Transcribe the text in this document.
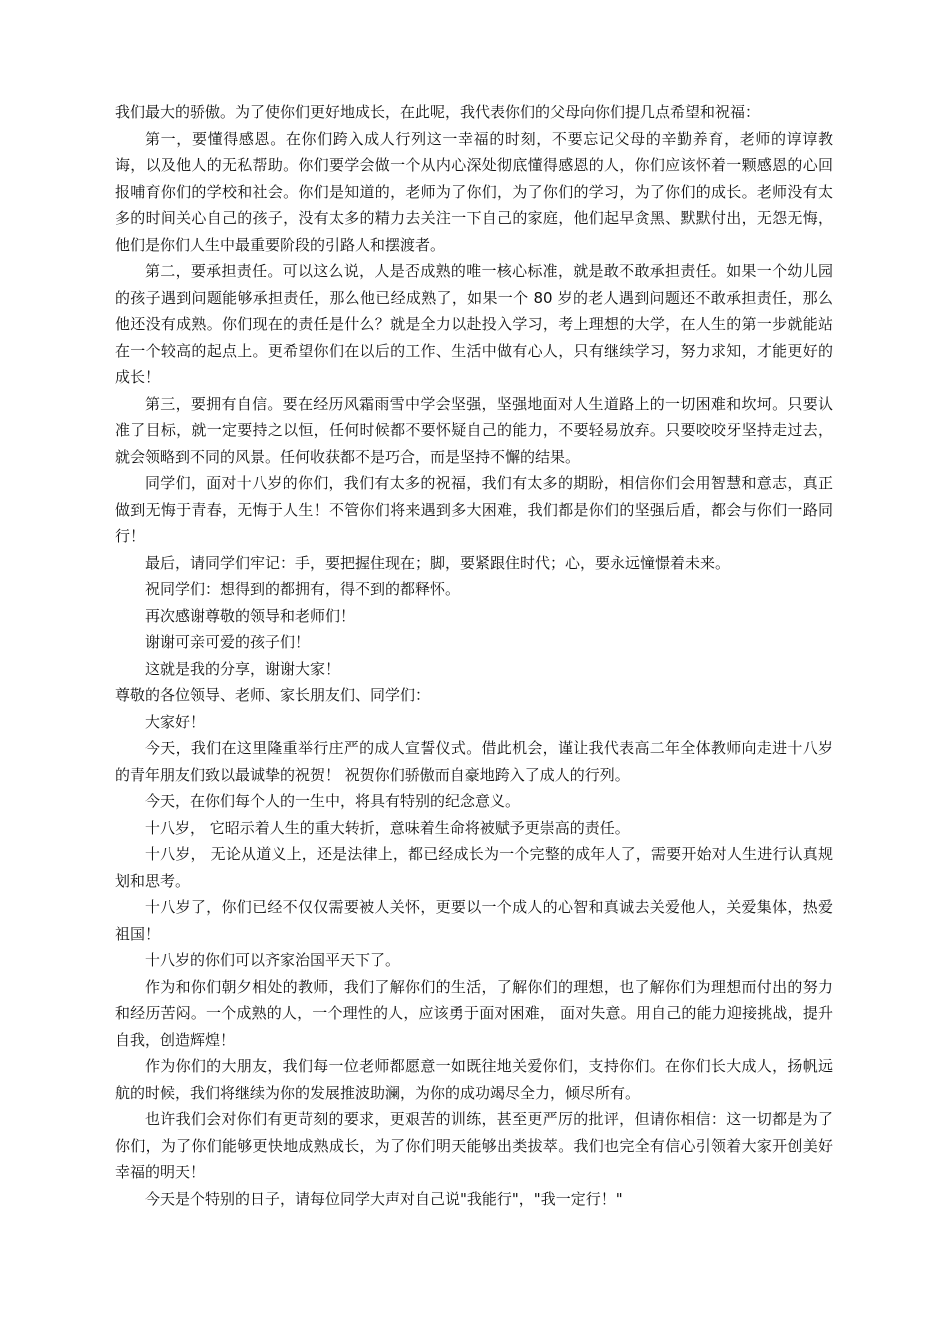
我们最大的骄傲。为了使你们更好地成长，在此呢，我代表你们的父母向你们提几点希望和祝福：

第一，要懂得感恩。在你们跨入成人行列这一幸福的时刻，不要忘记父母的辛勤养育，老师的谆谆教诲，以及他人的无私帮助。你们要学会做一个从内心深处彻底懂得感恩的人，你们应该怀着一颗感恩的心回报哺育你们的学校和社会。你们是知道的，老师为了你们，为了你们的学习，为了你们的成长。老师没有太多的时间关心自己的孩子，没有太多的精力去关注一下自己的家庭，他们起早贪黑、默默付出，无怨无悔，他们是你们人生中最重要阶段的引路人和摆渡者。

第二，要承担责任。可以这么说，人是否成熟的唯一核心标准，就是敢不敢承担责任。如果一个幼儿园的孩子遇到问题能够承担责任，那么他已经成熟了，如果一个 80 岁的老人遇到问题还不敢承担责任，那么他还没有成熟。你们现在的责任是什么？就是全力以赴投入学习，考上理想的大学，在人生的第一步就能站在一个较高的起点上。更希望你们在以后的工作、生活中做有心人，只有继续学习，努力求知，才能更好的成长！

第三，要拥有自信。要在经历风霜雨雪中学会坚强，坚强地面对人生道路上的一切困难和坎坷。只要认准了目标，就一定要持之以恒，任何时候都不要怀疑自己的能力，不要轻易放弃。只要咬咬牙坚持走过去，就会领略到不同的风景。任何收获都不是巧合，而是坚持不懈的结果。

同学们，面对十八岁的你们，我们有太多的祝福，我们有太多的期盼，相信你们会用智慧和意志，真正做到无悔于青春，无悔于人生！不管你们将来遇到多大困难，我们都是你们的坚强后盾，都会与你们一路同行！

最后，请同学们牢记：手，要把握住现在；脚，要紧跟住时代；心，要永远憧憬着未来。

祝同学们：想得到的都拥有，得不到的都释怀。

再次感谢尊敬的领导和老师们！

谢谢可亲可爱的孩子们！

这就是我的分享，谢谢大家！

尊敬的各位领导、老师、家长朋友们、同学们：

大家好！

今天，我们在这里隆重举行庄严的成人宣誓仪式。借此机会，谨让我代表高二年全体教师向走进十八岁的青年朋友们致以最诚挚的祝贺！ 祝贺你们骄傲而自豪地跨入了成人的行列。

今天，在你们每个人的一生中，将具有特别的纪念意义。

十八岁， 它昭示着人生的重大转折，意味着生命将被赋予更崇高的责任。

十八岁， 无论从道义上，还是法律上，都已经成长为一个完整的成年人了，需要开始对人生进行认真规划和思考。

十八岁了，你们已经不仅仅需要被人关怀，更要以一个成人的心智和真诚去关爱他人，关爱集体，热爱祖国！

十八岁的你们可以齐家治国平天下了。

作为和你们朝夕相处的教师，我们了解你们的生活，了解你们的理想，也了解你们为理想而付出的努力和经历苦闷。一个成熟的人，一个理性的人，应该勇于面对困难， 面对失意。用自己的能力迎接挑战，提升自我，创造辉煌！

作为你们的大朋友，我们每一位老师都愿意一如既往地关爱你们，支持你们。在你们长大成人，扬帆远航的时候，我们将继续为你的发展推波助澜，为你的成功竭尽全力，倾尽所有。

也许我们会对你们有更苛刻的要求，更艰苦的训练，甚至更严厉的批评，但请你相信：这一切都是为了你们，为了你们能够更快地成熟成长，为了你们明天能够出类拔萃。我们也完全有信心引领着大家开创美好幸福的明天！

今天是个特别的日子，请每位同学大声对自己说"我能行"，"我一定行！"
